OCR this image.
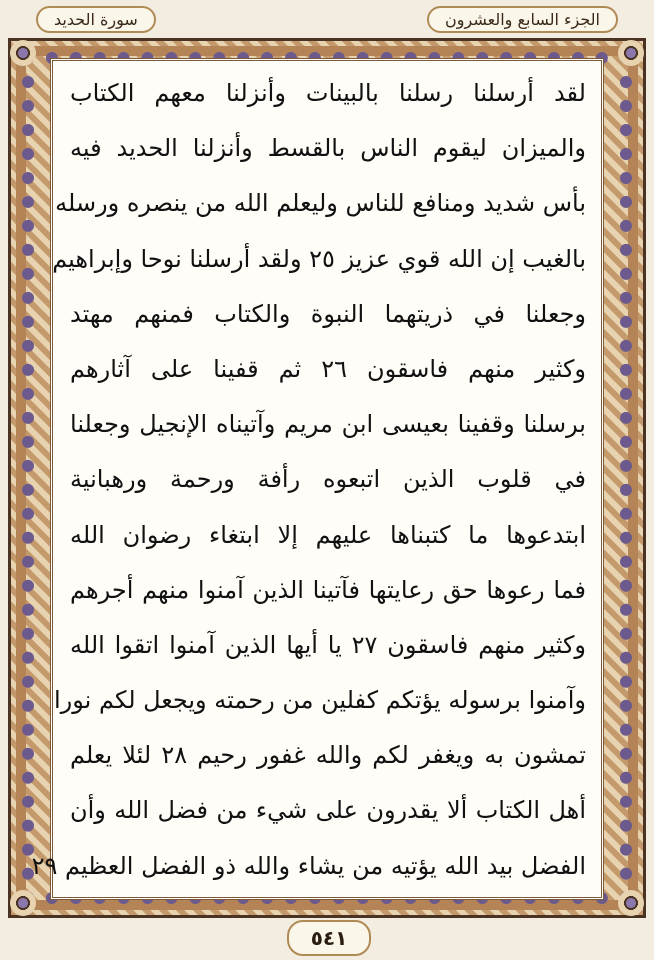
الجزء السابع والعشرون
سورة الحديد
لقد أرسلنا رسلنا بالبينات وأنزلنا معهم الكتاب
والميزان ليقوم الناس بالقسط وأنزلنا الحديد فيه
بأس شديد ومنافع للناس وليعلم الله من ينصره ورسله
بالغيب إن الله قوي عزيز ٢٥ ولقد أرسلنا نوحا وإبراهيم
وجعلنا في ذريتهما النبوة والكتاب فمنهم مهتد
وكثير منهم فاسقون ٢٦ ثم قفينا على آثارهم
برسلنا وقفينا بعيسى ابن مريم وآتيناه الإنجيل وجعلنا
في قلوب الذين اتبعوه رأفة ورحمة ورهبانية
ابتدعوها ما كتبناها عليهم إلا ابتغاء رضوان الله
فما رعوها حق رعايتها فآتينا الذين آمنوا منهم أجرهم
وكثير منهم فاسقون ٢٧ يا أيها الذين آمنوا اتقوا الله
وآمنوا برسوله يؤتكم كفلين من رحمته ويجعل لكم نورا
تمشون به ويغفر لكم والله غفور رحيم ٢٨ لئلا يعلم
أهل الكتاب ألا يقدرون على شيء من فضل الله وأن
الفضل بيد الله يؤتيه من يشاء والله ذو الفضل العظيم ٢٩
٥٤١
